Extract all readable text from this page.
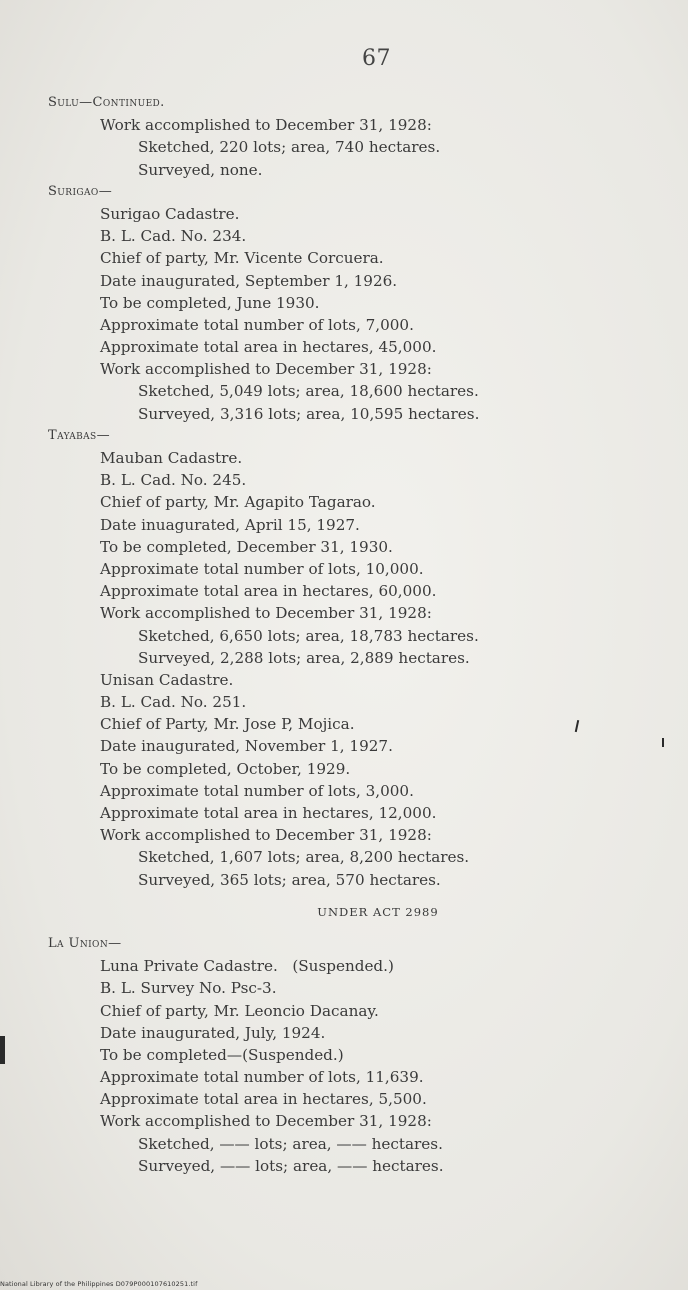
67
Sulu—Continued.
Work accomplished to December 31, 1928:
Sketched, 220 lots; area, 740 hectares.
Surveyed, none.
Surigao—
Surigao Cadastre.
B. L. Cad. No. 234.
Chief of party, Mr. Vicente Corcuera.
Date inaugurated, September 1, 1926.
To be completed, June 1930.
Approximate total number of lots, 7,000.
Approximate total area in hectares, 45,000.
Work accomplished to December 31, 1928:
Sketched, 5,049 lots; area, 18,600 hectares.
Surveyed, 3,316 lots; area, 10,595 hectares.
Tayabas—
Mauban Cadastre.
B. L. Cad. No. 245.
Chief of party, Mr. Agapito Tagarao.
Date inuagurated, April 15, 1927.
To be completed, December 31, 1930.
Approximate total number of lots, 10,000.
Approximate total area in hectares, 60,000.
Work accomplished to December 31, 1928:
Sketched, 6,650 lots; area, 18,783 hectares.
Surveyed, 2,288 lots; area, 2,889 hectares.
Unisan Cadastre.
B. L. Cad. No. 251.
Chief of Party, Mr. Jose P, Mojica.
Date inaugurated, November 1, 1927.
To be completed, October, 1929.
Approximate total number of lots, 3,000.
Approximate total area in hectares, 12,000.
Work accomplished to December 31, 1928:
Sketched, 1,607 lots; area, 8,200 hectares.
Surveyed, 365 lots; area, 570 hectares.
UNDER ACT 2989
La Union—
Luna Private Cadastre.   (Suspended.)
B. L. Survey No. Psc-3.
Chief of party, Mr. Leoncio Dacanay.
Date inaugurated, July, 1924.
To be completed—(Suspended.)
Approximate total number of lots, 11,639.
Approximate total area in hectares, 5,500.
Work accomplished to December 31, 1928:
Sketched, —— lots; area, —— hectares.
Surveyed, —— lots; area, —— hectares.
National Library of the Philippines D079P000107610251.tif
